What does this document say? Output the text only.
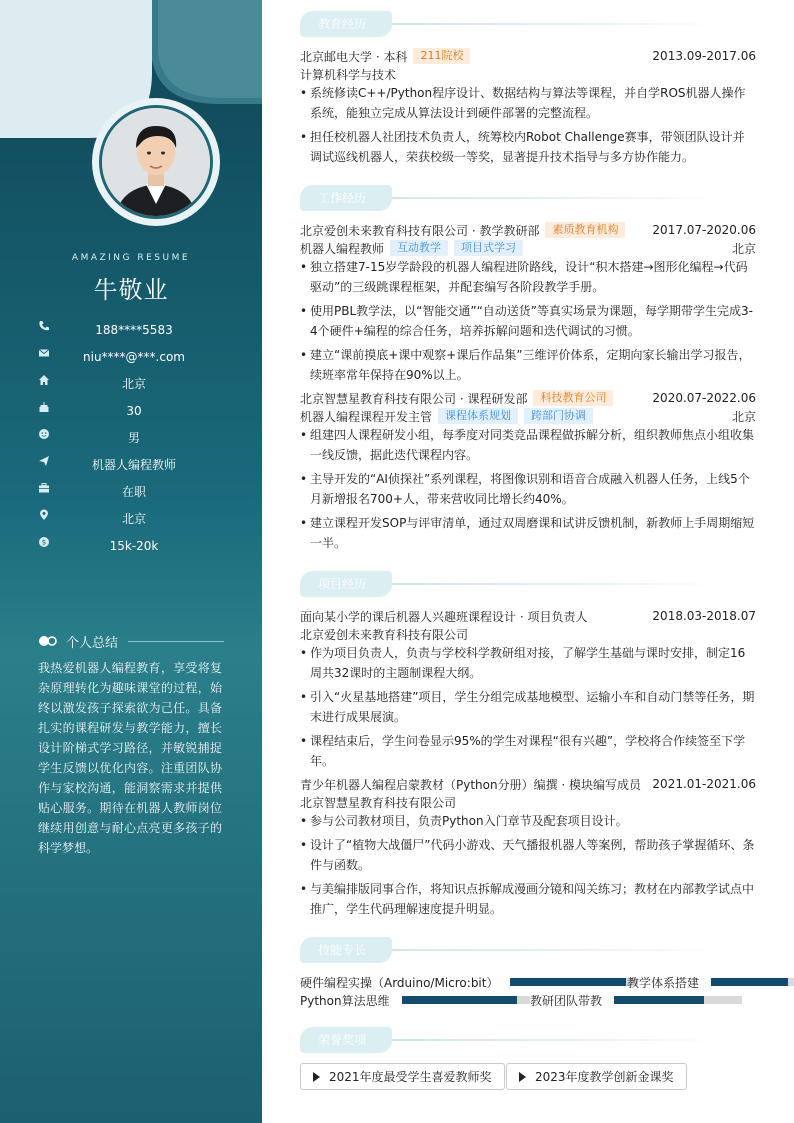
AMAZING RESUME
牛敬业
188****5583
niu****@***.com
北京
30
男
机器人编程教师
在职
北京
$	15k-20k
个人总结
我热爱机器人编程教育，享受将复杂原理转化为趣味课堂的过程，始终以激发孩子探索欲为己任。具备扎实的课程研发与教学能力，擅长设计阶梯式学习路径，并敏锐捕捉学生反馈以优化内容。注重团队协作与家校沟通，能洞察需求并提供贴心服务。期待在机器人教师岗位继续用创意与耐心点亮更多孩子的科学梦想。
教育经历
北京邮电大学 · 本科	211院校	2013.09-2017.06
计算机科学与技术
• 系统修读C++/Python程序设计、数据结构与算法等课程，并自学ROS机器人操作系统，能独立完成从算法设计到硬件部署的完整流程。
• 担任校机器人社团技术负责人，统筹校内Robot Challenge赛事，带领团队设计并调试巡线机器人，荣获校级一等奖，显著提升技术指导与多方协作能力。
工作经历
北京爱创未来教育科技有限公司 · 教学教研部	素质教育机构	2017.07-2020.06
机器人编程教师	互动教学	项目式学习	北京
• 独立搭建7-15岁学龄段的机器人编程进阶路线，设计“积木搭建→图形化编程→代码驱动”的三级跳课程框架，并配套编写各阶段教学手册。
• 使用PBL教学法，以“智能交通”“自动送货”等真实场景为课题，每学期带学生完成3-4个硬件+编程的综合任务，培养拆解问题和迭代调试的习惯。
• 建立“课前摸底+课中观察+课后作品集”三维评价体系，定期向家长输出学习报告，续班率常年保持在90%以上。
北京智慧星教育科技有限公司 · 课程研发部	科技教育公司	2020.07-2022.06
机器人编程课程开发主管	课程体系规划	跨部门协调	北京
• 组建四人课程研发小组，每季度对同类竞品课程做拆解分析，组织教师焦点小组收集一线反馈，据此迭代课程内容。
• 主导开发的“AI侦探社”系列课程，将图像识别和语音合成融入机器人任务，上线5个月新增报名700+人，带来营收同比增长约40%。
• 建立课程开发SOP与评审清单，通过双周磨课和试讲反馈机制，新教师上手周期缩短一半。
项目经历
面向某小学的课后机器人兴趣班课程设计 · 项目负责人	2018.03-2018.07
北京爱创未来教育科技有限公司
• 作为项目负责人，负责与学校科学教研组对接，了解学生基础与课时安排，制定16周共32课时的主题制课程大纲。
• 引入“火星基地搭建”项目，学生分组完成基地模型、运输小车和自动门禁等任务，期末进行成果展演。
• 课程结束后，学生问卷显示95%的学生对课程“很有兴趣”，学校将合作续签至下学年。
青少年机器人编程启蒙教材（Python分册）编撰 · 模块编写成员 2021.01-2021.06
北京智慧星教育科技有限公司
• 参与公司教材项目，负责Python入门章节及配套项目设计。
• 设计了“植物大战僵尸”代码小游戏、天气播报机器人等案例，帮助孩子掌握循环、条件与函数。
• 与美编排版同事合作，将知识点拆解成漫画分镜和闯关练习；教材在内部教学试点中推广，学生代码理解速度提升明显。
技能专长
硬件编程实操（Arduino/Micro:bit）	教学体系搭建
Python算法思维	教研团队带教
荣誉奖项
2021年度最受学生喜爱教师奖	2023年度教学创新金课奖
